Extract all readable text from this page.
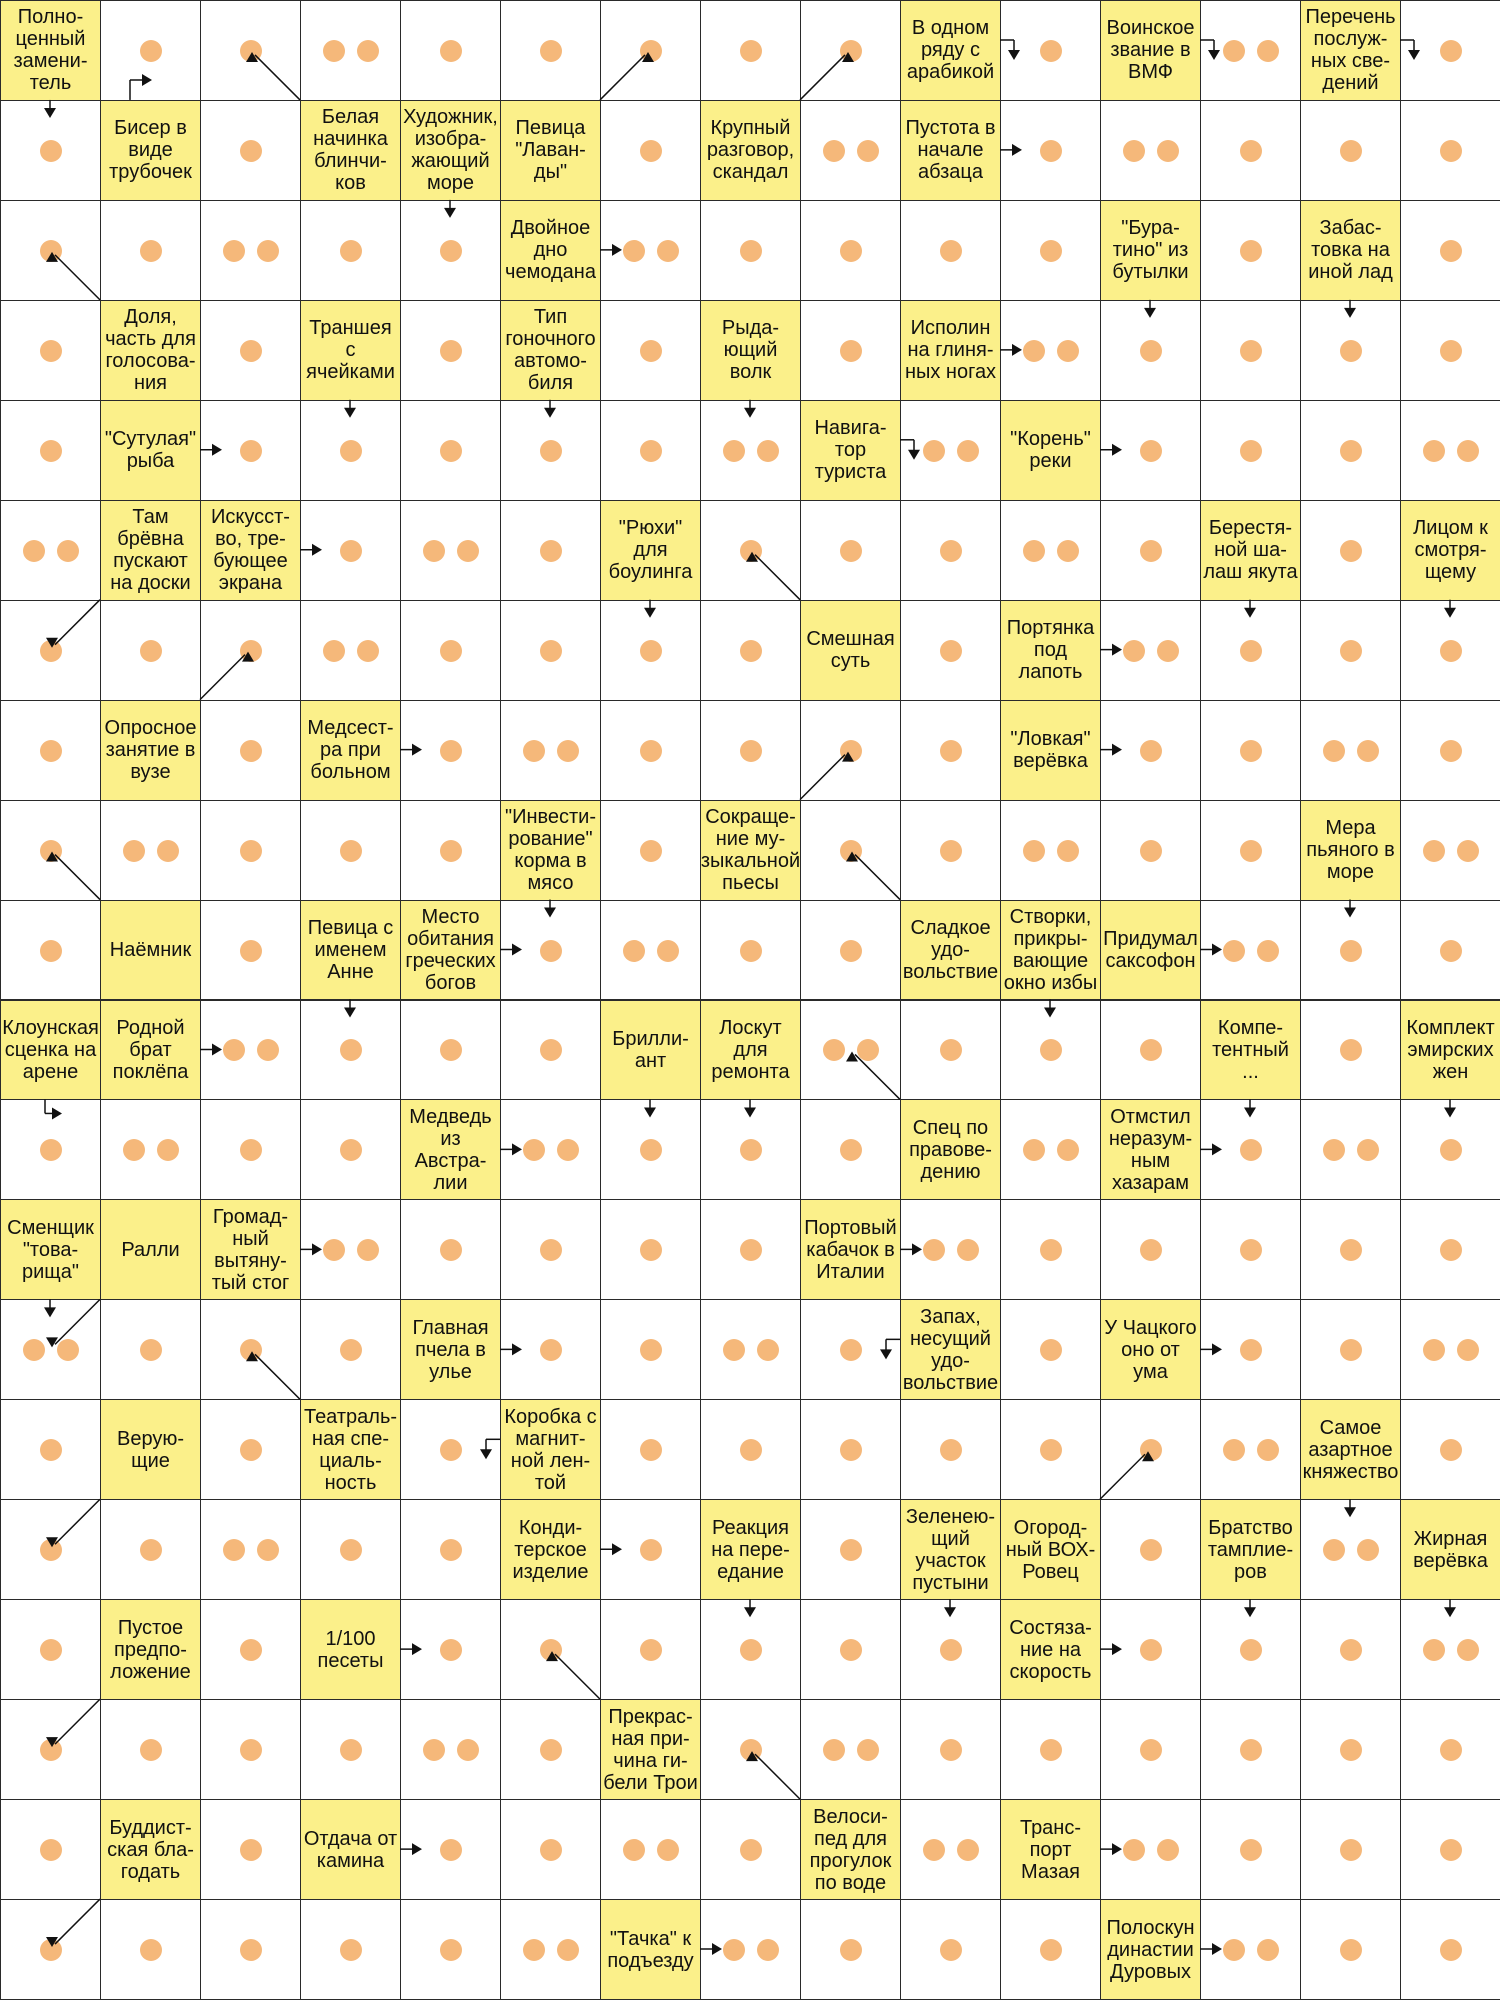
Полно-
ценный
замени-
тель
В одном
ряду с
арабикой
Воинское
звание в
ВМФ
Перечень
послуж-
ных све-
дений
Бисер в
виде
трубочек
Белая
начинка
блинчи-
ков
Художник,
изобра-
жающий
море
Певица
"Лаван-
ды"
Крупный
разговор,
скандал
Пустота в
начале
абзаца
Двойное
дно
чемодана
"Бура-
тино" из
бутылки
Забас-
товка на
иной лад
Доля,
часть для
голосова-
ния
Траншея
с
ячейками
Тип
гоночного
автомо-
биля
Рыда-
ющий
волк
Исполин
на глиня-
ных ногах
"Сутулая"
рыба
Навига-
тор
туриста
"Корень"
реки
Там
брёвна
пускают
на доски
Искусст-
во, тре-
бующее
экрана
"Рюхи"
для
боулинга
Берестя-
ной ша-
лаш якута
Лицом к
смотря-
щему
Смешная
суть
Портянка
под
лапоть
Опросное
занятие в
вузе
Медсест-
ра при
больном
"Ловкая"
верёвка
"Инвести-
рование"
корма в
мясо
Сокраще-
ние му-
зыкальной
пьесы
Мера
пьяного в
море
Наёмник
Певица с
именем
Анне
Место
обитания
греческих
богов
Сладкое
удо-
вольствие
Створки,
прикры-
вающие
окно избы
Придумал
саксофон
Клоунская
сценка на
арене
Родной
брат
поклёпа
Брилли-
ант
Лоскут
для
ремонта
Компе-
тентный
...
Комплект
эмирских
жен
Медведь
из
Австра-
лии
Спец по
правове-
дению
Отмстил
неразум-
ным
хазарам
Сменщик
"това-
рища"
Ралли
Громад-
ный
вытяну-
тый стог
Портовый
кабачок в
Италии
Главная
пчела в
улье
Запах,
несущий
удо-
вольствие
У Чацкого
оно от
ума
Верую-
щие
Театраль-
ная спе-
циаль-
ность
Коробка с
магнит-
ной лен-
той
Самое
азартное
княжество
Конди-
терское
изделие
Реакция
на пере-
едание
Зеленею-
щий
участок
пустыни
Огород-
ный ВОХ-
Ровец
Братство
тамплие-
ров
Жирная
верёвка
Пустое
предпо-
ложение
1/100
песеты
Состяза-
ние на
скорость
Прекрас-
ная при-
чина ги-
бели Трои
Буддист-
ская бла-
годать
Отдача от
камина
Велоси-
пед для
прогулок
по воде
Транс-
порт
Мазая
"Тачка" к
подъезду
Полоскун
династии
Дуровых
